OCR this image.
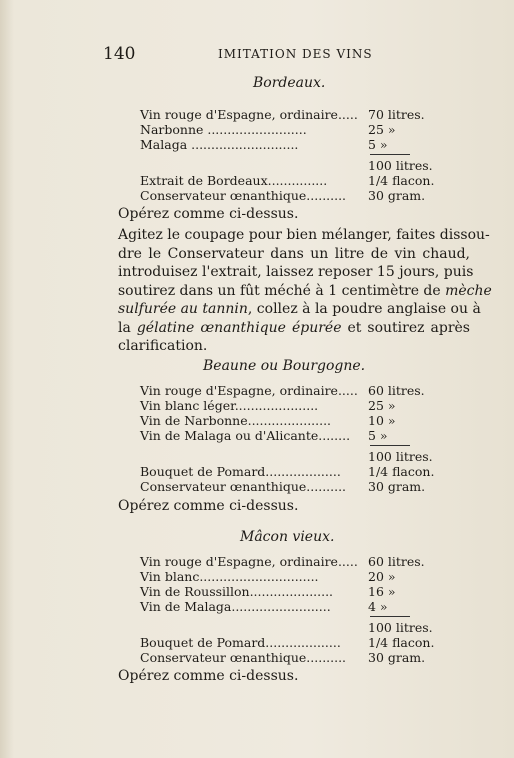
140	IMITATION DES VINS
Bordeaux.
Vin rouge d'Espagne, ordinaire..... 70 litres.
Narbonne .........................	25 »
Malaga ...........................	5 »
100 litres.
Extrait de Bordeaux...............	1/4 flacon.
Conservateur œnanthique.......... 30 gram.
Opérez comme ci-dessus.
Agitez le coupage pour bien mélanger, faites dissou-
dre le Conservateur dans un litre de vin chaud,
introduisez l'extrait, laissez reposer 15 jours, puis
soutirez dans un fût méché à 1 centimètre de mèche
sulfurée au tannin, collez à la poudre anglaise ou à
la gélatine œnanthique épurée et soutirez après
clarification.
Beaune ou Bourgogne.
Vin rouge d'Espagne, ordinaire..... 60 litres.
Vin blanc léger.....................	25 »
Vin de Narbonne.....................	10 »
Vin de Malaga ou d'Alicante........ 5 »
100 litres.
Bouquet de Pomard................... 1/4 flacon.
Conservateur œnanthique.......... 30 gram.
Opérez comme ci-dessus.
Mâcon vieux.
Vin rouge d'Espagne, ordinaire..... 60 litres.
Vin blanc..............................	20 »
Vin de Roussillon.....................	16 »
Vin de Malaga.........................	4 »
100 litres.
Bouquet de Pomard................... 1/4 flacon.
Conservateur œnanthique.......... 30 gram.
Opérez comme ci-dessus.
